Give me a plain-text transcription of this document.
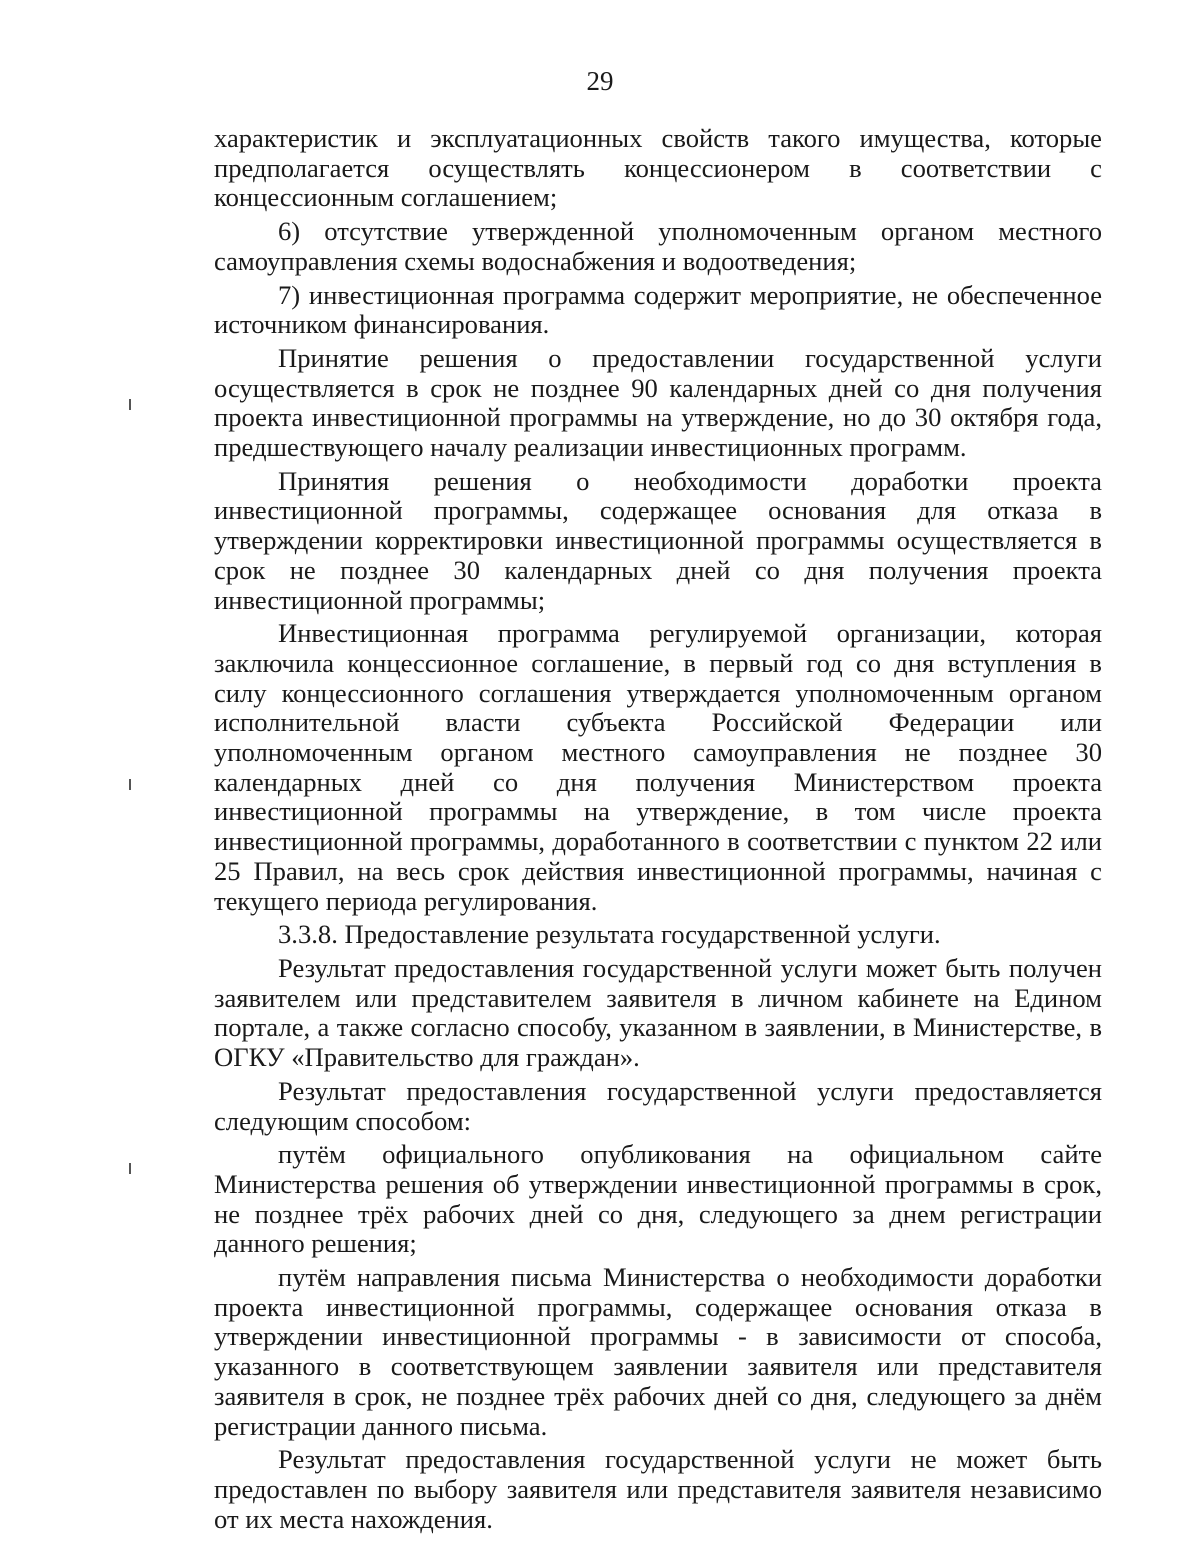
29

характеристик и эксплуатационных свойств такого имущества, которые предполагается осуществлять концессионером в соответствии с концессионным соглашением;

6) отсутствие утвержденной уполномоченным органом местного самоуправления схемы водоснабжения и водоотведения;

7) инвестиционная программа содержит мероприятие, не обеспеченное источником финансирования.

Принятие решения о предоставлении государственной услуги осуществляется в срок не позднее 90 календарных дней со дня получения проекта инвестиционной программы на утверждение, но до 30 октября года, предшествующего началу реализации инвестиционных программ.

Принятия решения о необходимости доработки проекта инвестиционной программы, содержащее основания для отказа в утверждении корректировки инвестиционной программы осуществляется в срок не позднее 30 календарных дней со дня получения проекта инвестиционной программы;

Инвестиционная программа регулируемой организации, которая заключила концессионное соглашение, в первый год со дня вступления в силу концессионного соглашения утверждается уполномоченным органом исполнительной власти субъекта Российской Федерации или уполномоченным органом местного самоуправления не позднее 30 календарных дней со дня получения Министерством проекта инвестиционной программы на утверждение, в том числе проекта инвестиционной программы, доработанного в соответствии с пунктом 22 или 25 Правил, на весь срок действия инвестиционной программы, начиная с текущего периода регулирования.

3.3.8. Предоставление результата государственной услуги.

Результат предоставления государственной услуги может быть получен заявителем или представителем заявителя в личном кабинете на Едином портале, а также согласно способу, указанном в заявлении, в Министерстве, в ОГКУ «Правительство для граждан».

Результат предоставления государственной услуги предоставляется следующим способом:

путём официального опубликования на официальном сайте Министерства решения об утверждении инвестиционной программы в срок, не позднее трёх рабочих дней со дня, следующего за днем регистрации данного решения;

путём направления письма Министерства о необходимости доработки проекта инвестиционной программы, содержащее основания отказа в утверждении инвестиционной программы - в зависимости от способа, указанного в соответствующем заявлении заявителя или представителя заявителя в срок, не позднее трёх рабочих дней со дня, следующего за днём регистрации данного письма.

Результат предоставления государственной услуги не может быть предоставлен по выбору заявителя или представителя заявителя независимо от их места нахождения.
